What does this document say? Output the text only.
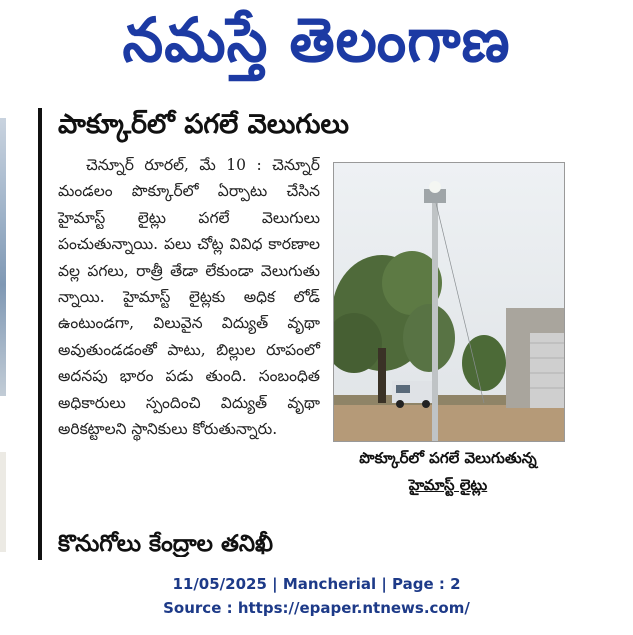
నమస్తే తెలంగాణ
పాక్కూర్‌లో పగలే వెలుగులు
చెన్నూర్ రూరల్, మే 10 : చెన్నూర్ మండలం పొక్కూర్‌లో ఏర్పాటు చేసిన హైమాస్ట్ లైట్లు పగలే వెలుగులు పంచుతున్నాయి. పలు చోట్ల వివిధ కారణాల వల్ల పగలు, రాత్రీ తేడా లేకుండా వెలుగుతు న్నాయి. హైమాస్ట్ లైట్లకు అధిక లోడ్ ఉంటుండగా, విలువైన విద్యుత్ వృథా అవుతుండడంతో పాటు, బిల్లుల రూపంలో అదనపు భారం పడు తుంది. సంబంధిత అధికారులు స్పందించి విద్యుత్ వృథా అరికట్టాలని స్థానికులు కోరుతున్నారు.
పొక్కూర్‌లో పగలే వెలుగుతున్న
హైమాస్ట్ లైట్లు
కొనుగోలు కేంద్రాల తనిఖీ
11/05/2025 | Mancherial | Page : 2
Source : https://epaper.ntnews.com/
